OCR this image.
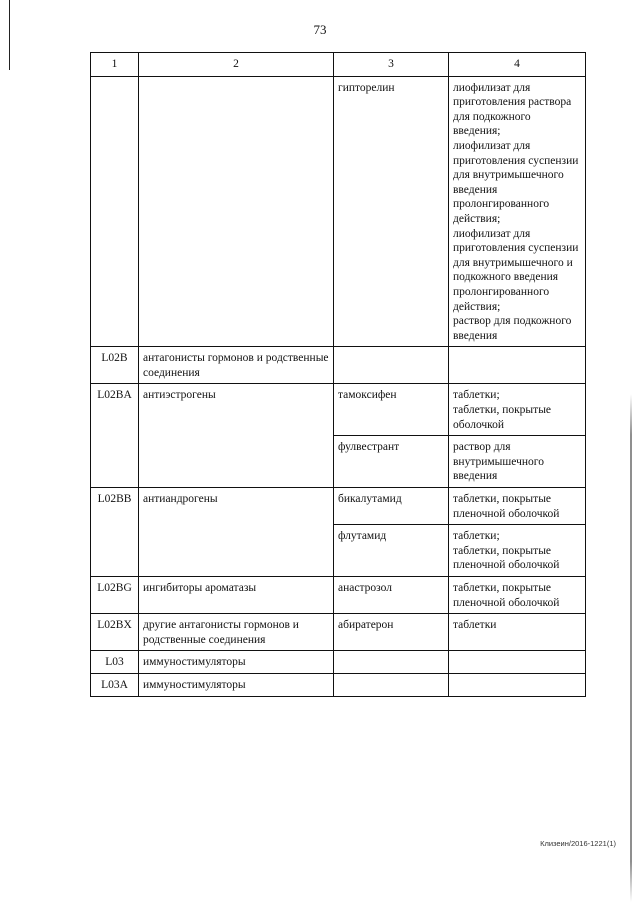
73
1	2	3	4
		гипторелин	лиофилизат для приготовления раствора для подкожного введения;
лиофилизат для приготовления суспензии для внутримышечного введения пролонгированного действия;
лиофилизат для приготовления суспензии для внутримышечного и подкожного введения пролонгированного действия;
раствор для подкожного введения

L02B	антагонисты гормонов и родственные соединения		
L02BA	антиэстрогены	тамоксифен	таблетки;
таблетки, покрытые оболочкой

		фулвестрант	раствор для внутримышечного введения

L02BB	антиандрогены	бикалутамид	таблетки, покрытые пленочной оболочкой

		флутамид	таблетки;
таблетки, покрытые пленочной оболочкой

L02BG	ингибиторы ароматазы	анастрозол	таблетки, покрытые пленочной оболочкой

L02BX	другие антагонисты гормонов и родственные соединения	абиратерон	таблетки

L03	иммуностимуляторы		
L03A	иммуностимуляторы		
Клизеин/2016-1221(1)
